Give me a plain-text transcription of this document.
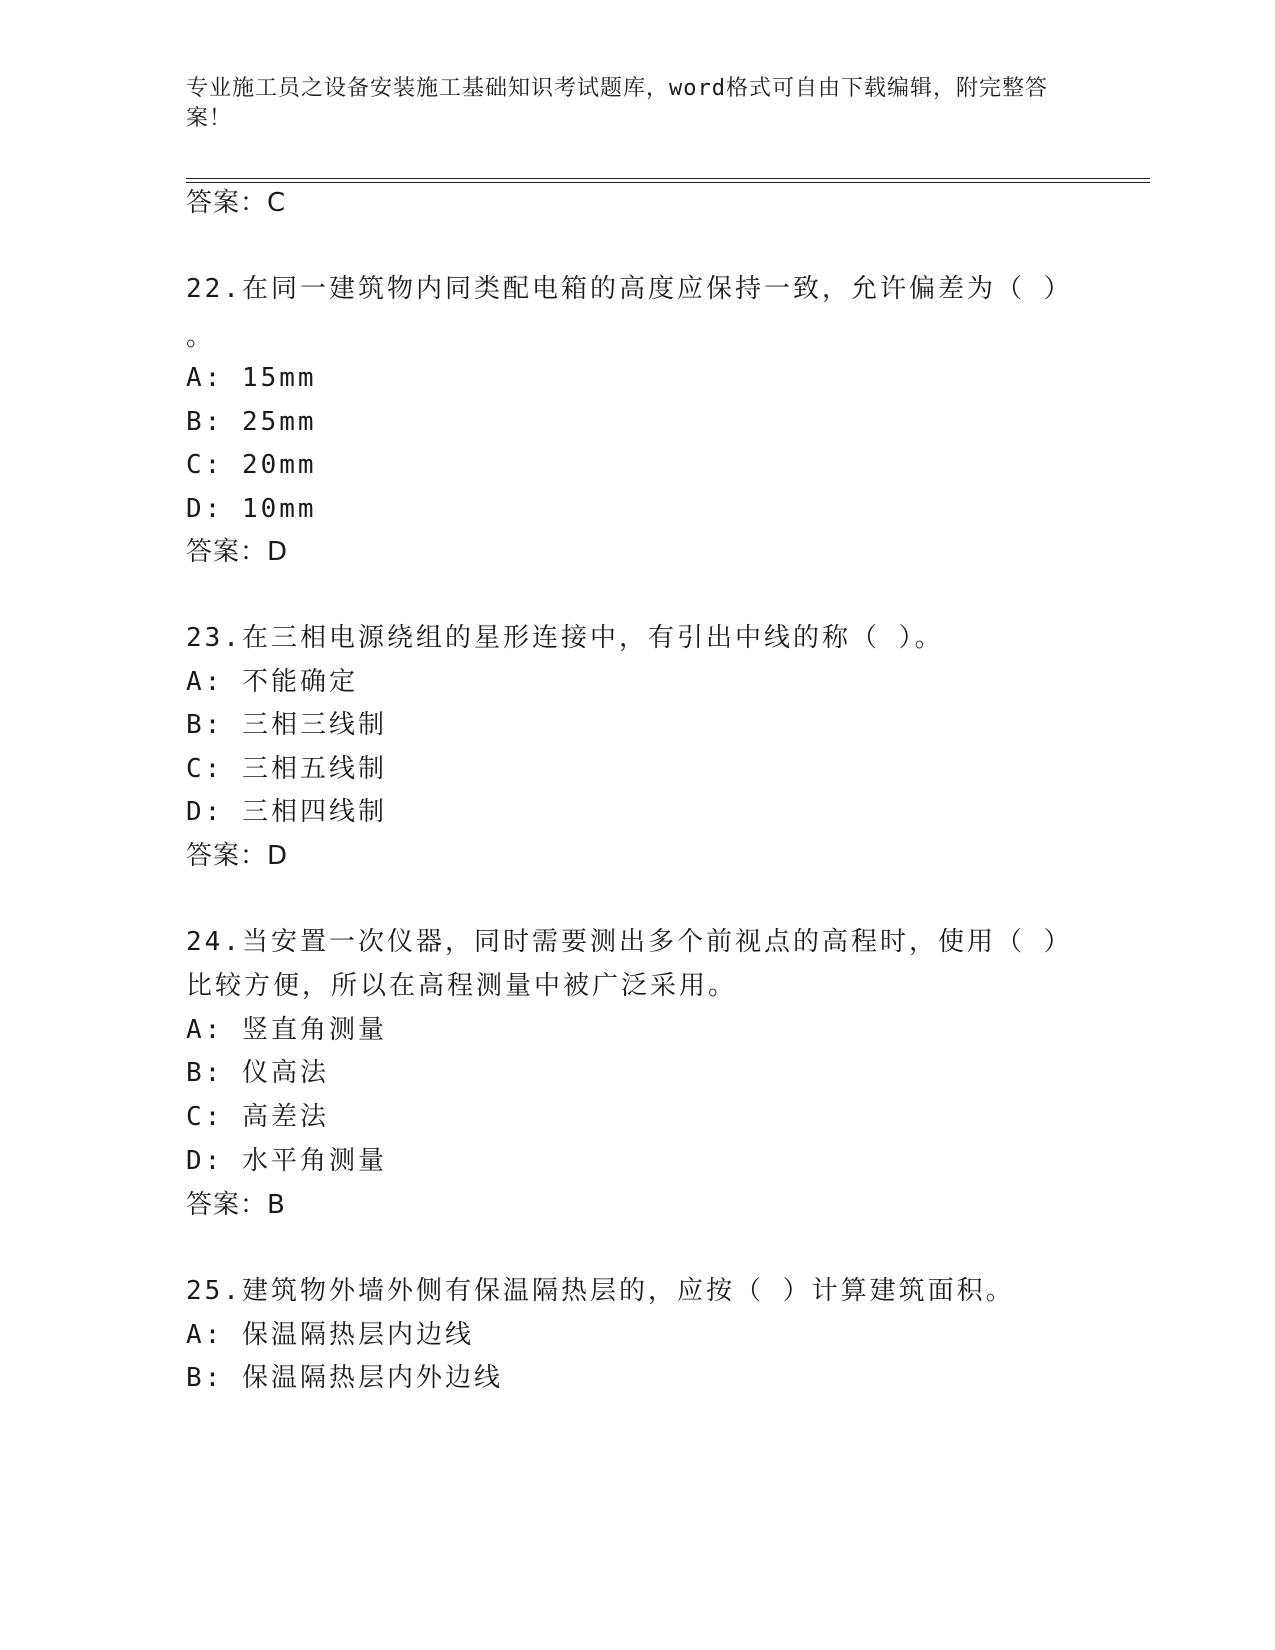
专业施工员之设备安装施工基础知识考试题库，word格式可自由下载编辑，附完整答案！
答案：C
22.在同一建筑物内同类配电箱的高度应保持一致，允许偏差为（ ）
。
A: 15mm
B: 25mm
C: 20mm
D: 10mm
答案：D
23.在三相电源绕组的星形连接中，有引出中线的称（ ）。
A: 不能确定
B: 三相三线制
C: 三相五线制
D: 三相四线制
答案：D
24.当安置一次仪器，同时需要测出多个前视点的高程时，使用（ ）
比较方便，所以在高程测量中被广泛采用。
A: 竖直角测量
B: 仪高法
C: 高差法
D: 水平角测量
答案：B
25.建筑物外墙外侧有保温隔热层的，应按（ ）计算建筑面积。
A: 保温隔热层内边线
B: 保温隔热层内外边线
